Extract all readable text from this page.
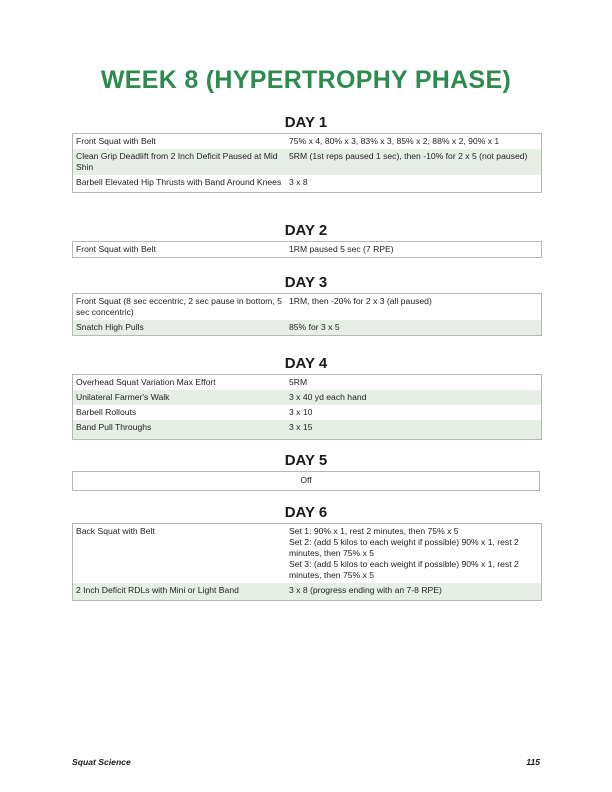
WEEK 8 (HYPERTROPHY PHASE)
DAY 1
Front Squat with Belt	75% x 4, 80% x 3, 83% x 3, 85% x 2, 88% x 2, 90% x 1
Clean Grip Deadlift from 2 Inch Deficit Paused at Mid Shin	5RM (1st reps paused 1 sec), then -10% for 2 x 5 (not paused)
Barbell Elevated Hip Thrusts with Band Around Knees	3 x 8
DAY 2
Front Squat with Belt	1RM paused 5 sec (7 RPE)
DAY 3
Front Squat (8 sec eccentric, 2 sec pause in bottom, 5 sec concentric)	1RM, then -20% for 2 x 3 (all paused)
Snatch High Pulls	85% for 3 x 5
DAY 4
Overhead Squat Variation Max Effort	5RM
Unilateral Farmer's Walk	3 x 40 yd each hand
Barbell Rollouts	3 x 10
Band Pull Throughs	3 x 15
DAY 5
Off
DAY 6
Back Squat with Belt	Set 1: 90% x 1, rest 2 minutes, then 75% x 5
Set 2: (add 5 kilos to each weight if possible) 90% x 1, rest 2 minutes, then 75% x 5
Set 3: (add 5 kilos to each weight if possible) 90% x 1, rest 2 minutes, then 75% x 5

2 Inch Deficit RDLs with Mini or Light Band	3 x 8 (progress ending with an 7-8 RPE)
Squat Science	115
